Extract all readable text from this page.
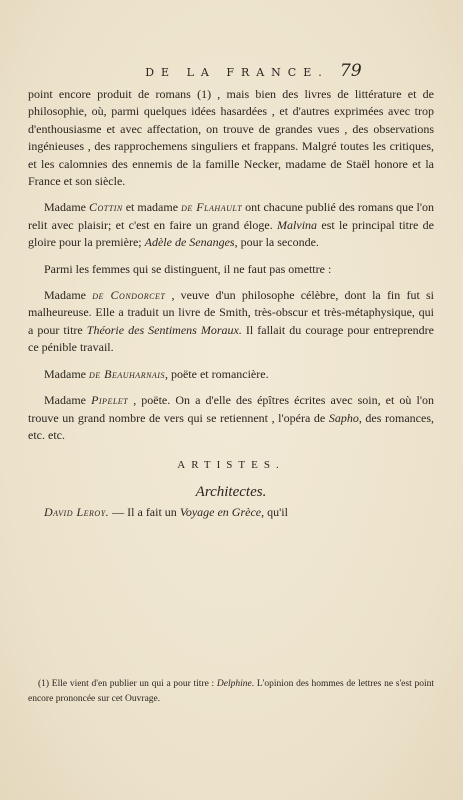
DE LA FRANCE. 79

point encore produit de romans (1) , mais bien des livres de littérature et de philosophie, où, parmi quelques idées hasardées , et d'autres exprimées avec trop d'enthousiasme et avec affectation, on trouve de grandes vues , des observations ingénieuses , des rapprochemens singuliers et frappans. Malgré toutes les critiques, et les calomnies des ennemis de la famille Necker, madame de Staël honore et la France et son siècle.

Madame Cottin et madame de Flahault ont chacune publié des romans que l'on relit avec plaisir; et c'est en faire un grand éloge. Malvina est le principal titre de gloire pour la première; Adèle de Senanges, pour la seconde.

Parmi les femmes qui se distinguent, il ne faut pas omettre :

Madame de Condorcet , veuve d'un philosophe célèbre, dont la fin fut si malheureuse. Elle a traduit un livre de Smith, très-obscur et très-métaphysique, qui a pour titre Théorie des Sentimens Moraux. Il fallait du courage pour entreprendre ce pénible travail.

Madame de Beauharnais, poëte et romancière.

Madame Pipelet , poëte. On a d'elle des épîtres écrites avec soin, et où l'on trouve un grand nombre de vers qui se retiennent , l'opéra de Sapho, des romances, etc. etc.

ARTISTES.

Architectes.

David Leroy. — Il a fait un Voyage en Grèce, qu'il

(1) Elle vient d'en publier un qui a pour titre : Delphine. L'opinion des hommes de lettres ne s'est point encore prononcée sur cet Ouvrage.
